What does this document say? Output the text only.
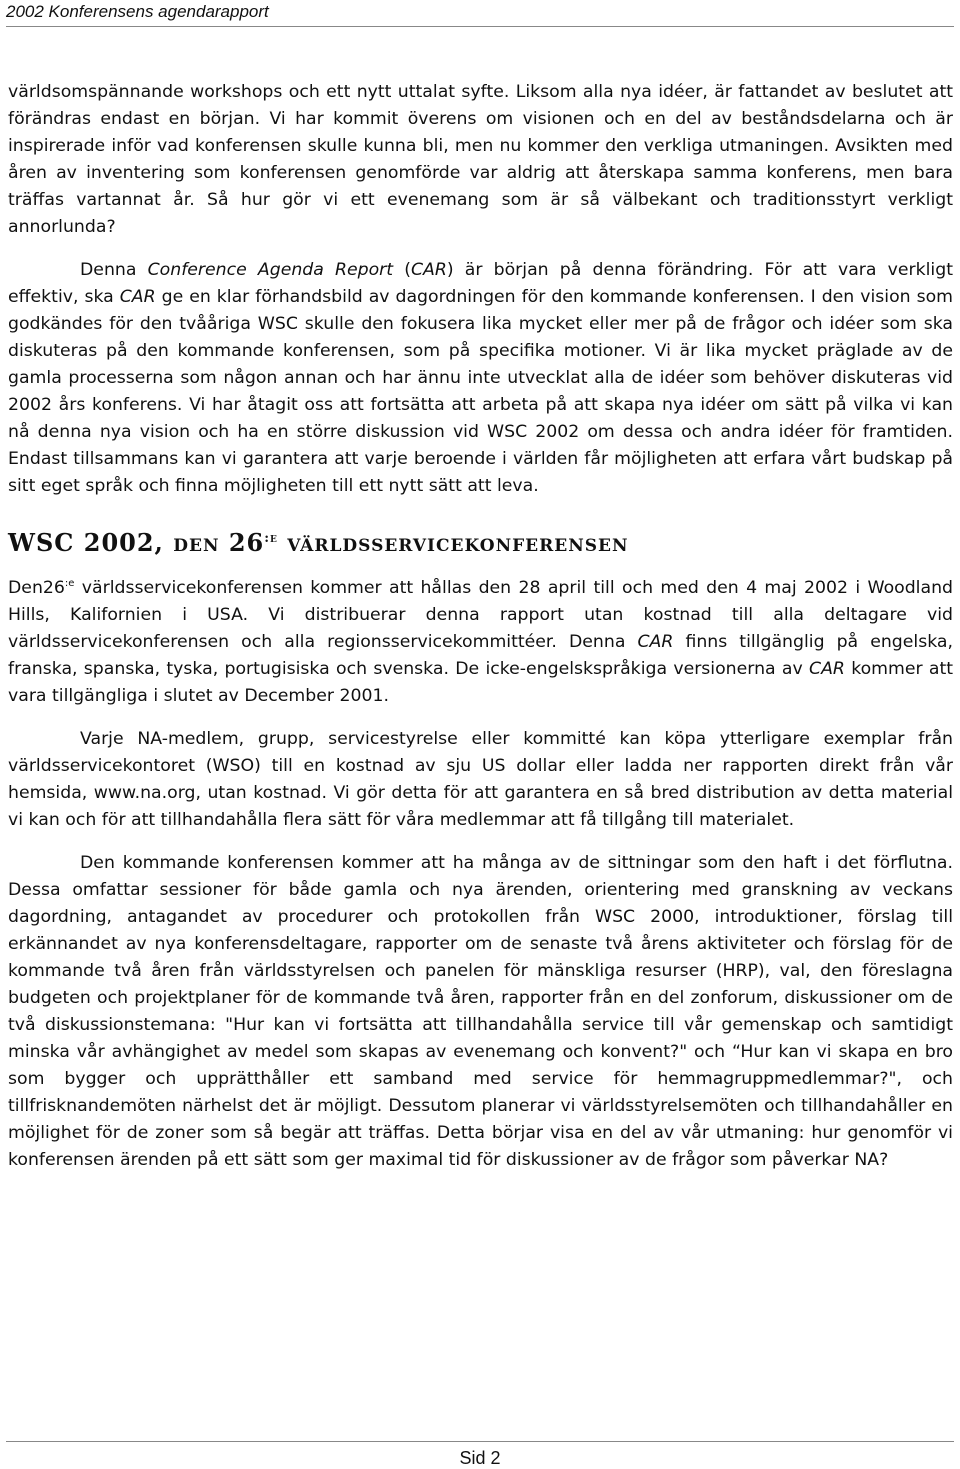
2002 Konferensens agendarapport

världsomspännande workshops och ett nytt uttalat syfte. Liksom alla nya idéer, är fattandet av beslutet att förändras endast en början. Vi har kommit överens om visionen och en del av beståndsdelarna och är inspirerade inför vad konferensen skulle kunna bli, men nu kommer den verkliga utmaningen. Avsikten med åren av inventering som konferensen genomförde var aldrig att återskapa samma konferens, men bara träffas vartannat år. Så hur gör vi ett evenemang som är så välbekant och traditionsstyrt verkligt annorlunda?

Denna Conference Agenda Report (CAR) är början på denna förändring. För att vara verkligt effektiv, ska CAR ge en klar förhandsbild av dagordningen för den kommande konferensen. I den vision som godkändes för den tvååriga WSC skulle den fokusera lika mycket eller mer på de frågor och idéer som ska diskuteras på den kommande konferensen, som på specifika motioner. Vi är lika mycket präglade av de gamla processerna som någon annan och har ännu inte utvecklat alla de idéer som behöver diskuteras vid 2002 års konferens. Vi har åtagit oss att fortsätta att arbeta på att skapa nya idéer om sätt på vilka vi kan nå denna nya vision och ha en större diskussion vid WSC 2002 om dessa och andra idéer för framtiden. Endast tillsammans kan vi garantera att varje beroende i världen får möjligheten att erfara vårt budskap på sitt eget språk och finna möjligheten till ett nytt sätt att leva.

WSC 2002, den $26^{:e}$ världsservicekonferensen

$Den26^{:e}$ världsservicekonferensen kommer att hållas den 28 april till och med den 4 maj 2002 i Woodland Hills, Kalifornien i USA. Vi distribuerar denna rapport utan kostnad till alla deltagare vid världsservicekonferensen och alla regionsservicekommittéer. Denna CAR finns tillgänglig på engelska, franska, spanska, tyska, portugisiska och svenska. De icke-engelskspråkiga versionerna av CAR kommer att vara tillgängliga i slutet av December 2001.

Varje NA-medlem, grupp, servicestyrelse eller kommitté kan köpa ytterligare exemplar från världsservicekontoret (WSO) till en kostnad av sju US dollar eller ladda ner rapporten direkt från vår hemsida, www.na.org, utan kostnad. Vi gör detta för att garantera en så bred distribution av detta material vi kan och för att tillhandahålla flera sätt för våra medlemmar att få tillgång till materialet.

Den kommande konferensen kommer att ha många av de sittningar som den haft i det förflutna. Dessa omfattar sessioner för både gamla och nya ärenden, orientering med granskning av veckans dagordning, antagandet av procedurer och protokollen från WSC 2000, introduktioner, förslag till erkännandet av nya konferensdeltagare, rapporter om de senaste två årens aktiviteter och förslag för de kommande två åren från världsstyrelsen och panelen för mänskliga resurser (HRP), val, den föreslagna budgeten och projektplaner för de kommande två åren, rapporter från en del zonforum, diskussioner om de två diskussionstemana: "Hur kan vi fortsätta att tillhandahålla service till vår gemenskap och samtidigt minska vår avhängighet av medel som skapas av evenemang och konvent?" och “Hur kan vi skapa en bro som bygger och upprätthåller ett samband med service för hemmagruppmedlemmar?", och tillfrisknandemöten närhelst det är möjligt. Dessutom planerar vi världsstyrelsemöten och tillhandahåller en möjlighet för de zoner som så begär att träffas. Detta börjar visa en del av vår utmaning: hur genomför vi konferensen ärenden på ett sätt som ger maximal tid för diskussioner av de frågor som påverkar NA?

Sid 2
